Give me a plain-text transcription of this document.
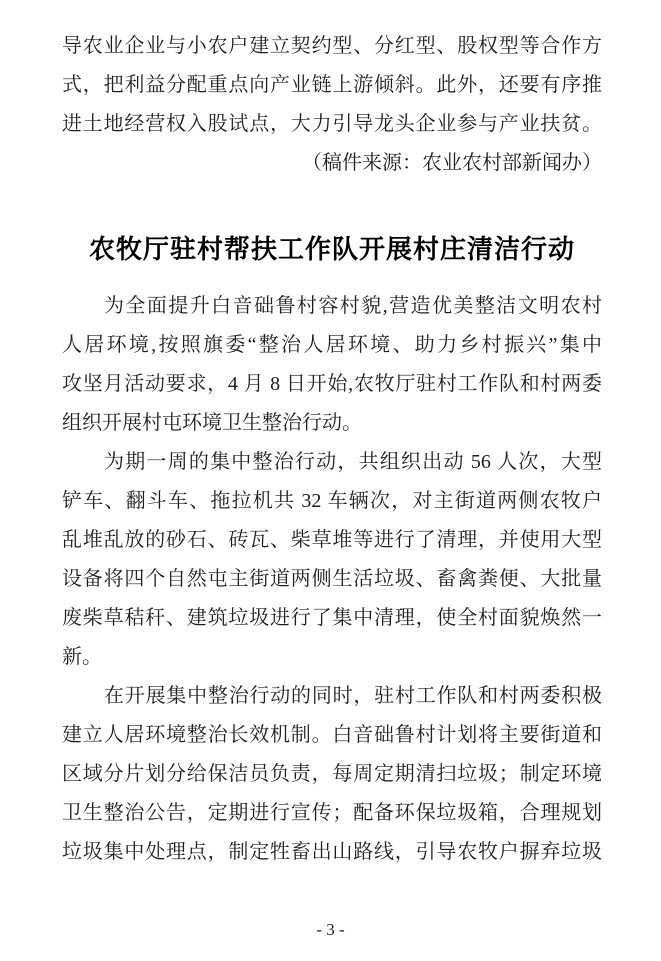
导农业企业与小农户建立契约型、分红型、股权型等合作方
式，把利益分配重点向产业链上游倾斜。此外，还要有序推
进土地经营权入股试点，大力引导龙头企业参与产业扶贫。
（稿件来源：农业农村部新闻办）
农牧厅驻村帮扶工作队开展村庄清洁行动
为全面提升白音础鲁村容村貌,营造优美整洁文明农村
人居环境,按照旗委“整治人居环境、助力乡村振兴”集中
攻坚月活动要求，4 月 8 日开始,农牧厅驻村工作队和村两委
组织开展村屯环境卫生整治行动。
为期一周的集中整治行动，共组织出动 56 人次，大型
铲车、翻斗车、拖拉机共 32 车辆次，对主街道两侧农牧户
乱堆乱放的砂石、砖瓦、柴草堆等进行了清理，并使用大型
设备将四个自然屯主街道两侧生活垃圾、畜禽粪便、大批量
废柴草秸秆、建筑垃圾进行了集中清理，使全村面貌焕然一
新。
在开展集中整治行动的同时，驻村工作队和村两委积极
建立人居环境整治长效机制。白音础鲁村计划将主要街道和
区域分片划分给保洁员负责，每周定期清扫垃圾；制定环境
卫生整治公告，定期进行宣传；配备环保垃圾箱，合理规划
垃圾集中处理点，制定牲畜出山路线，引导农牧户摒弃垃圾
- 3 -
